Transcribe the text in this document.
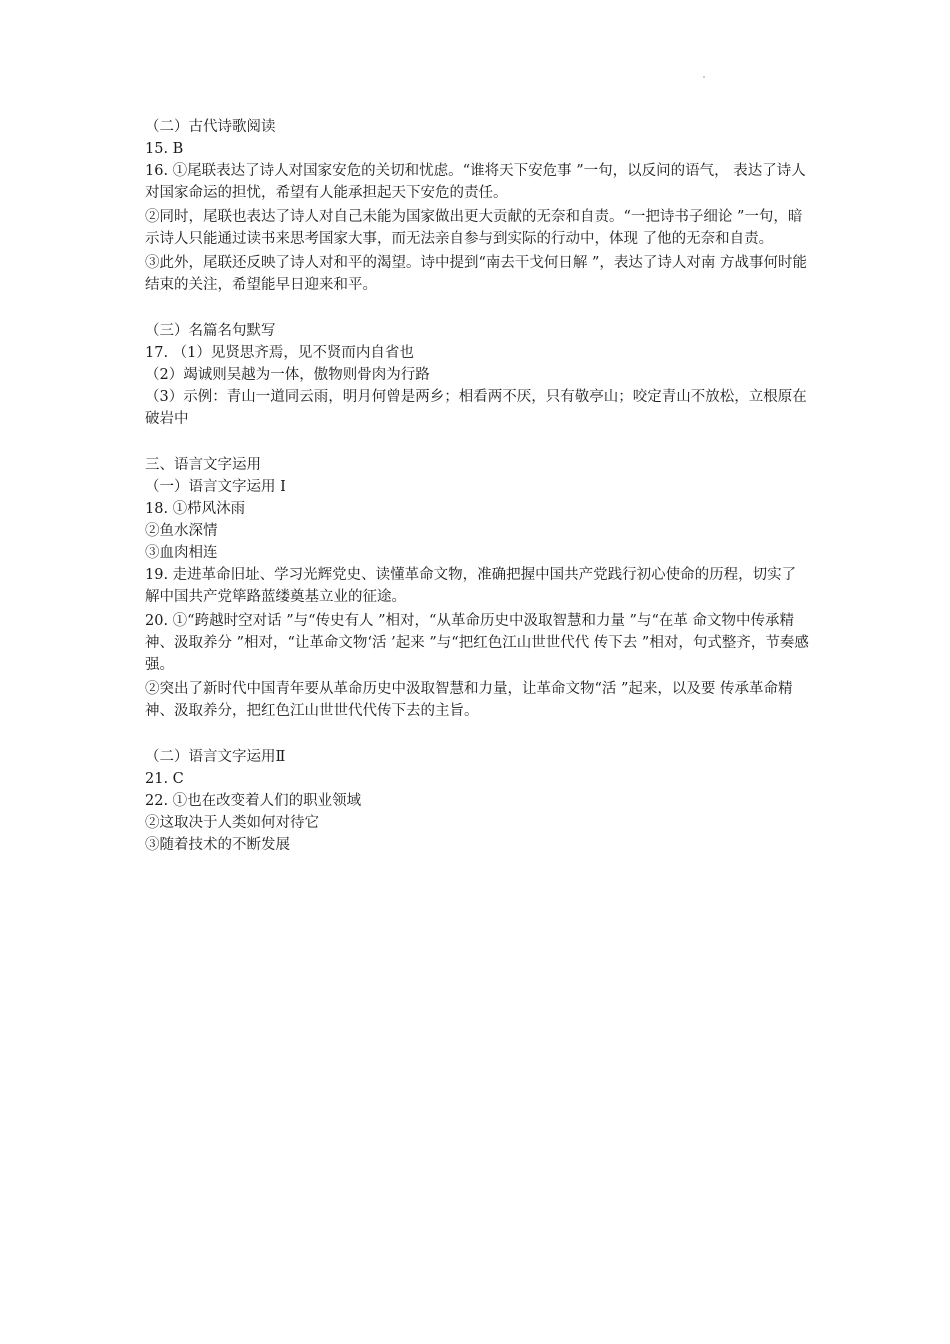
（二）古代诗歌阅读

15. B

16. ①尾联表达了诗人对国家安危的关切和忧虑。“谁将天下安危事 ”一句，以反问的语气， 表达了诗人对国家命运的担忧，希望有人能承担起天下安危的责任。

②同时，尾联也表达了诗人对自己未能为国家做出更大贡献的无奈和自责。“一把诗书子细论 ”一句，暗示诗人只能通过读书来思考国家大事，而无法亲自参与到实际的行动中，体现 了他的无奈和自责。

③此外，尾联还反映了诗人对和平的渴望。诗中提到“南去干戈何日解 ”，表达了诗人对南 方战事何时能结束的关注，希望能早日迎来和平。

（三）名篇名句默写

17. （1）见贤思齐焉，见不贤而内自省也

（2）竭诚则吴越为一体，傲物则骨肉为行路

（3）示例：青山一道同云雨，明月何曾是两乡；相看两不厌，只有敬亭山；咬定青山不放松，立根原在破岩中

三、语言文字运用

（一）语言文字运用 Ⅰ

18. ①栉风沐雨

②鱼水深情

③血肉相连

19. 走进革命旧址、学习光辉党史、读懂革命文物，准确把握中国共产党践行初心使命的历程，切实了解中国共产党筚路蓝缕奠基立业的征途。

20. ①“跨越时空对话 ”与“传史有人 ”相对，“从革命历史中汲取智慧和力量 ”与“在革 命文物中传承精神、汲取养分 ”相对，“让革命文物‘活 ’起来 ”与“把红色江山世世代代 传下去 ”相对，句式整齐，节奏感强。

②突出了新时代中国青年要从革命历史中汲取智慧和力量，让革命文物“活 ”起来，以及要 传承革命精神、汲取养分，把红色江山世世代代传下去的主旨。

（二）语言文字运用Ⅱ

21. C

22. ①也在改变着人们的职业领域

②这取决于人类如何对待它

③随着技术的不断发展
